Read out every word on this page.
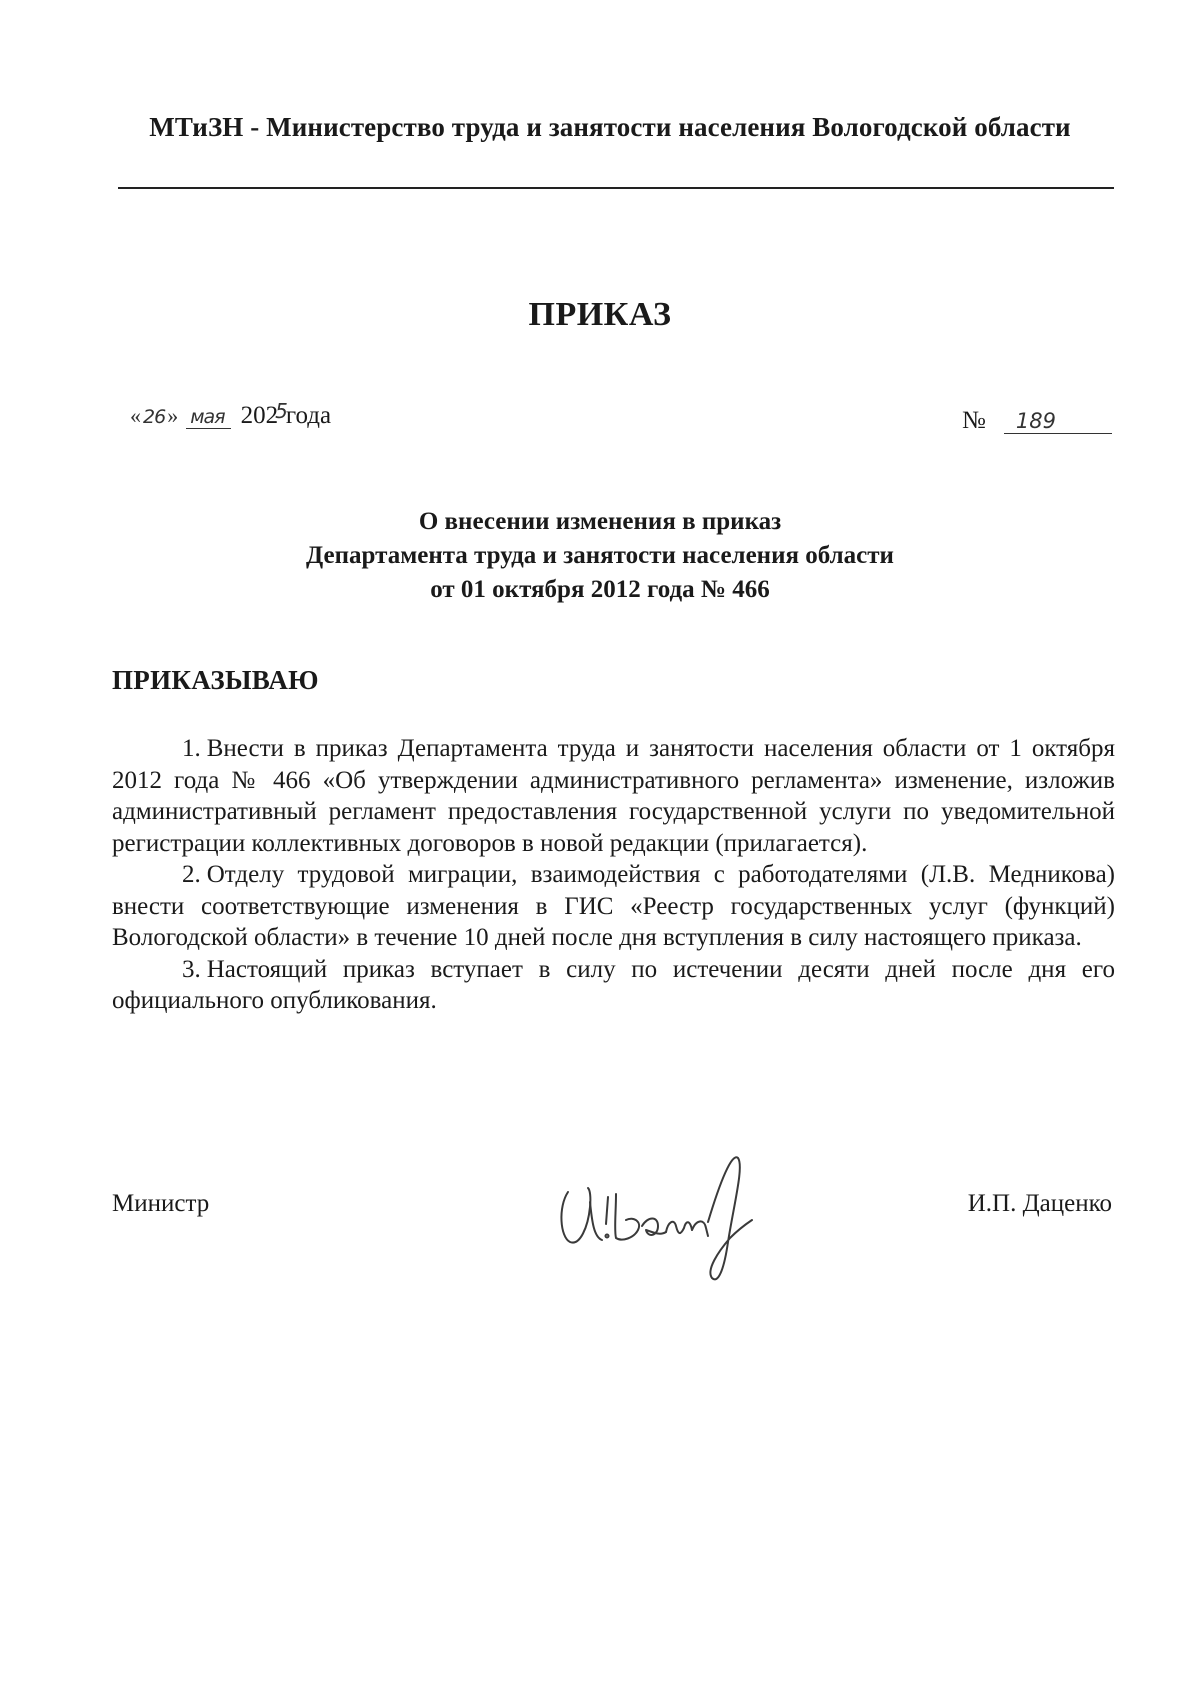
МТиЗН - Министерство труда и занятости населения Вологодской области
ПРИКАЗ
« 26 » мая 202
5
года	№	189
О внесении изменения в приказ
Департамента труда и занятости населения области
от 01 октября 2012 года № 466
ПРИКАЗЫВАЮ

1. Внести в приказ Департамента труда и занятости населения области от 1 октября 2012 года № 466 «Об утверждении административного регламента» изменение, изложив административный регламент предоставления государственной услуги по уведомительной регистрации коллективных договоров в новой редакции (прилагается).

2. Отделу трудовой миграции, взаимодействия с работодателями (Л.В. Медникова) внести соответствующие изменения в ГИС «Реестр государственных услуг (функций) Вологодской области» в течение 10 дней после дня вступления в силу настоящего приказа.

3. Настоящий приказ вступает в силу по истечении десяти дней после дня его официального опубликования.

Министр	И.П. Даценко
